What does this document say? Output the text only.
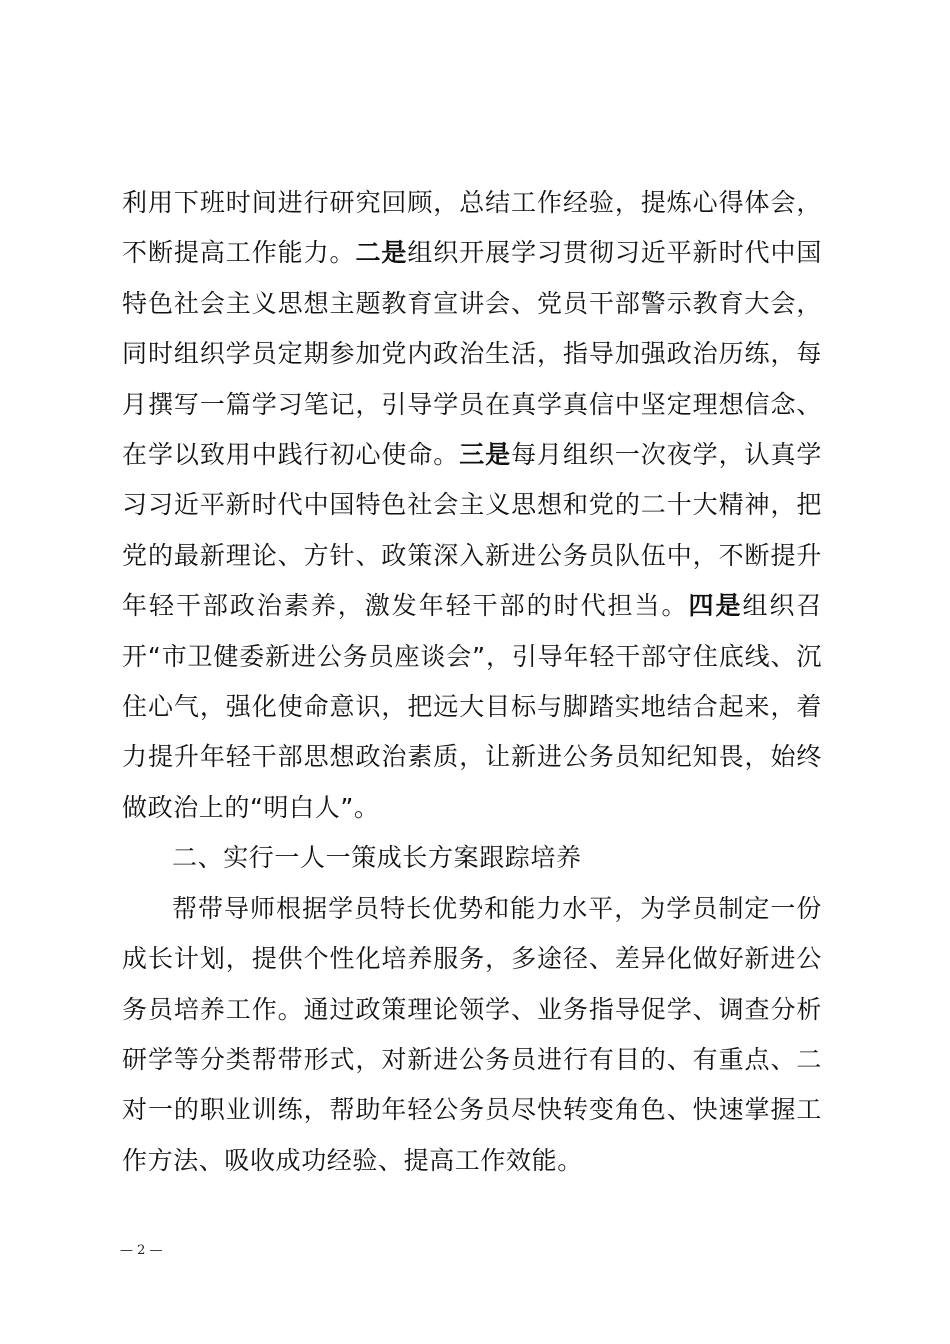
利用下班时间进行研究回顾，总结工作经验，提炼心得体会，不断提高工作能力。二是组织开展学习贯彻习近平新时代中国特色社会主义思想主题教育宣讲会、党员干部警示教育大会，同时组织学员定期参加党内政治生活，指导加强政治历练，每月撰写一篇学习笔记，引导学员在真学真信中坚定理想信念、在学以致用中践行初心使命。三是每月组织一次夜学，认真学习习近平新时代中国特色社会主义思想和党的二十大精神，把党的最新理论、方针、政策深入新进公务员队伍中，不断提升年轻干部政治素养，激发年轻干部的时代担当。四是组织召开“市卫健委新进公务员座谈会”，引导年轻干部守住底线、沉住心气，强化使命意识，把远大目标与脚踏实地结合起来，着力提升年轻干部思想政治素质，让新进公务员知纪知畏，始终做政治上的“明白人”。

二、实行一人一策成长方案跟踪培养

帮带导师根据学员特长优势和能力水平，为学员制定一份成长计划，提供个性化培养服务，多途径、差异化做好新进公务员培养工作。通过政策理论领学、业务指导促学、调查分析研学等分类帮带形式，对新进公务员进行有目的、有重点、二对一的职业训练，帮助年轻公务员尽快转变角色、快速掌握工作方法、吸收成功经验、提高工作效能。

— 2 —
